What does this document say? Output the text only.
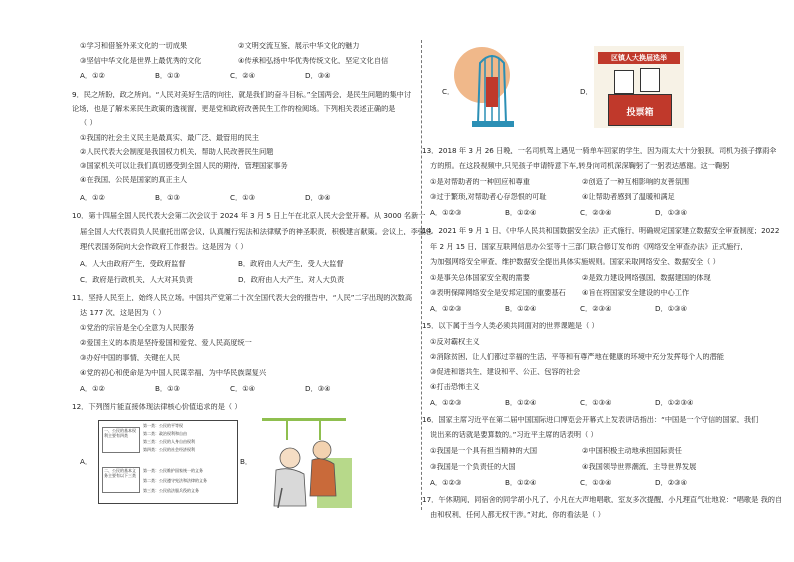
①学习和借鉴外来文化的一切成果	②文明交流互鉴，展示中华文化的魅力
③坚信中华文化是世界上最优秀的文化	④传承和弘扬中华优秀传统文化，坚定文化自信
A．①②	B．①③	C．②④	D．③④
9．民之所盼，政之所向。“人民对美好生活的向往，就是我们的奋斗目标。”全国两会，是民生问题的集中讨
论场，也是了解未来民生政策的透视窗，更是党和政府改善民生工作的检阅场。下列相关表述正确的是
（ ）
①我国的社会主义民主是最真实、最广泛、最管用的民主
②人民代表大会制度是我国权力机关，帮助人民改善民生问题
③国家机关可以让我们真切感受到全国人民的期待，管理国家事务
④在我国，公民是国家的真正主人
A．①②	B．①③	C．①③	D．③④
10．第十四届全国人民代表大会第二次会议于 2024 年 3 月 5 日上午在北京人民大会堂开幕。从 3000 名新一
届全国人大代表肩负人民重托出席会议，认真履行宪法和法律赋予的神圣职责，积极建言献策。会议上，李强总
理代表国务院向大会作政府工作报告。这是因为（ ）
A．人大由政府产生，受政府监督	B．政府由人大产生，受人大监督
C．政府是行政机关，人大对其负责	D．政府由人大产生，对人大负责
11．坚持人民至上，始终人民立场。中国共产党第二十次全国代表大会的报告中，“人民”二字出现的次数高
达 177 次，这是因为（ ）
①党治的宗旨是全心全意为人民服务
②爱国主义的本质是坚持爱国和爱党、爱人民高度统一
③办好中国的事情，关键在人民
④党的初心和使命是为中国人民谋幸福，为中华民族谋复兴
A．①②	B．①③	C．①④	D．③④
12．下列图片能直接体现法律核心价值追求的是（ ）
A．
一、公民的基本权利主要有四类
二、公民的基本义务主要有以下三类
第一类：公民的平等权
第二类：政治权利和自由
第三类：公民的人身自由权利
第四类：公民的社会经济权利
第一类：公民维护国家统一的义务
第二类：公民遵守宪法和法律的义务
第三类：公民依法服兵役的义务
B．
C．	D．
区镇人大换届选举
投票箱
13．2018 年 3 月 26 日晚，一名司机驾上遇见一骑单车回家的学生，因为雨太大十分狼狈，司机为孩子撑雨伞
方的照。在这段视频中,只见孩子申请特意下车,转身向司机深深鞠躬了一躬表达感谢。这一鞠躬
①是对帮助者的一种回应和尊重	②创造了一种互相影响的友善氛围
③过于繁琐,对帮助者心存怨恨的可耻	④让帮助者感到了温暖和满足
A．①②③	B．①②④	C．②③④	D．①③④
14．2021 年 9 月 1 日，《中华人民共和国数据安全法》正式施行，明确规定国家建立数据安全审查制度；2022
年 2 月 15 日，国家互联网信息办公室等十三部门联合修订发布的《网络安全审查办法》正式施行，
为加强网络安全审查，维护数据安全提出具体实施规则。国家采取网络安全、数据安全（ ）
①是事关总体国家安全观的需要	②是致力建设网络强国，数据建国的体现
③表明保障网络安全是安邦定国的重要基石 ④旨在将国家安全建设的中心工作
A．①②③	B．①②④	C．②③④	D．①③④
15．以下属于当今人类必须共同面对的世界课题是（ ）
①反对霸权主义
②消除贫困，让人们都过幸福的生活，平等和有尊严地在健康的环境中充分发挥每个人的潜能
③促进和谐共生，建设和平、公正、包容的社会
④打击恐怖主义
A．①②③	B．①②④	C．①③④	D．①②③④
16．国家主席习近平在第二届中国国际进口博览会开幕式上发表讲话指出：“中国是一个守信的国家，我们
说出来的话就是要算数的。”习近平主席的话表明（ ）
①我国是一个具有担当精神的大国	②中国积极主动地承担国际责任
③我国是一个负责任的大国	④我国领导世界潮流，主导世界发展
A．①②③	B．①②④	C．①③④	D．②③④
17．午休期间，同宿舍的同学胡小凡了，小凡在大声地唱歌，室友多次提醒，小凡理直气壮地说：“唱歌是 我的自
由和权利，任何人都无权干涉。”对此，你的看法是（ ）
